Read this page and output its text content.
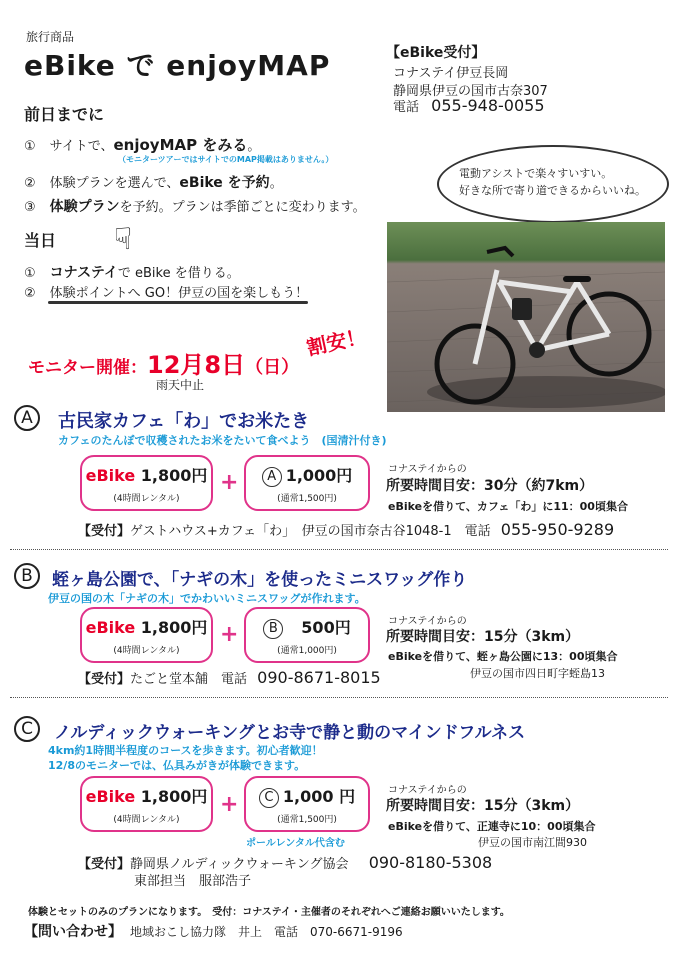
旅行商品
eBike で enjoyMAP	【eBike受付】
コナステイ伊豆長岡
静岡県伊豆の国市古奈307
電話 055-948-0055
前日までに
① サイトで、enjoyMAP をみる。
（モニターツアーではサイトでのMAP掲載はありません。）
② 体験プランを選んで、eBike を予約。
③ 体験プランを予約。プランは季節ごとに変わります。
当日 ☟
① コナステイで eBike を借りる。
② 体験ポイントへ GO！伊豆の国を楽しもう！
電動アシストで楽々すいすい。
好きな所で寄り道できるからいいね。
モニター開催：12月8日（日）
割安！
雨天中止
A	古民家カフェ「わ」でお米たき
カフェのたんぼで収穫されたお米をたいて食べよう　(国清汁付き)
eBike 1,800円
(4時間レンタル)
+	A 1,000円
(通常1,500円)
コナステイからの
所要時間目安：30分（約7km）
eBikeを借りて、カフェ「わ」に11：00頃集合
【受付】ゲストハウス+カフェ「わ」　伊豆の国市奈古谷1048-1　電話 055-950-9289
B	蛭ヶ島公園で、「ナギの木」を使ったミニスワッグ作り
伊豆の国の木「ナギの木」でかわいいミニスワッグが作れます。
eBike 1,800円
(4時間レンタル)
+	B 500円
(通常1,000円)
コナステイからの
所要時間目安：15分（3km）
eBikeを借りて、蛭ヶ島公園に13：00頃集合
伊豆の国市四日町字蛭島13
【受付】たごと堂本舗　電話 090-8671-8015
C	ノルディックウォーキングとお寺で静と動のマインドフルネス
4km約1時間半程度のコースを歩きます。初心者歓迎！
12/8のモニターでは、仏具みがきが体験できます。
eBike 1,800円
(4時間レンタル)
+	C 1,000 円
(通常1,500円)
ポールレンタル代含む
コナステイからの
所要時間目安：15分（3km）
eBikeを借りて、正連寺に10：00頃集合
伊豆の国市南江間930
【受付】静岡県ノルディックウォーキング協会 090-8180-5308
東部担当　服部浩子
体験とセットのみのプランになります。　受付：コナステイ・主催者のそれぞれへご連絡お願いいたします。
【問い合わせ】 地域おこし協力隊　井上　電話　070-6671-9196
